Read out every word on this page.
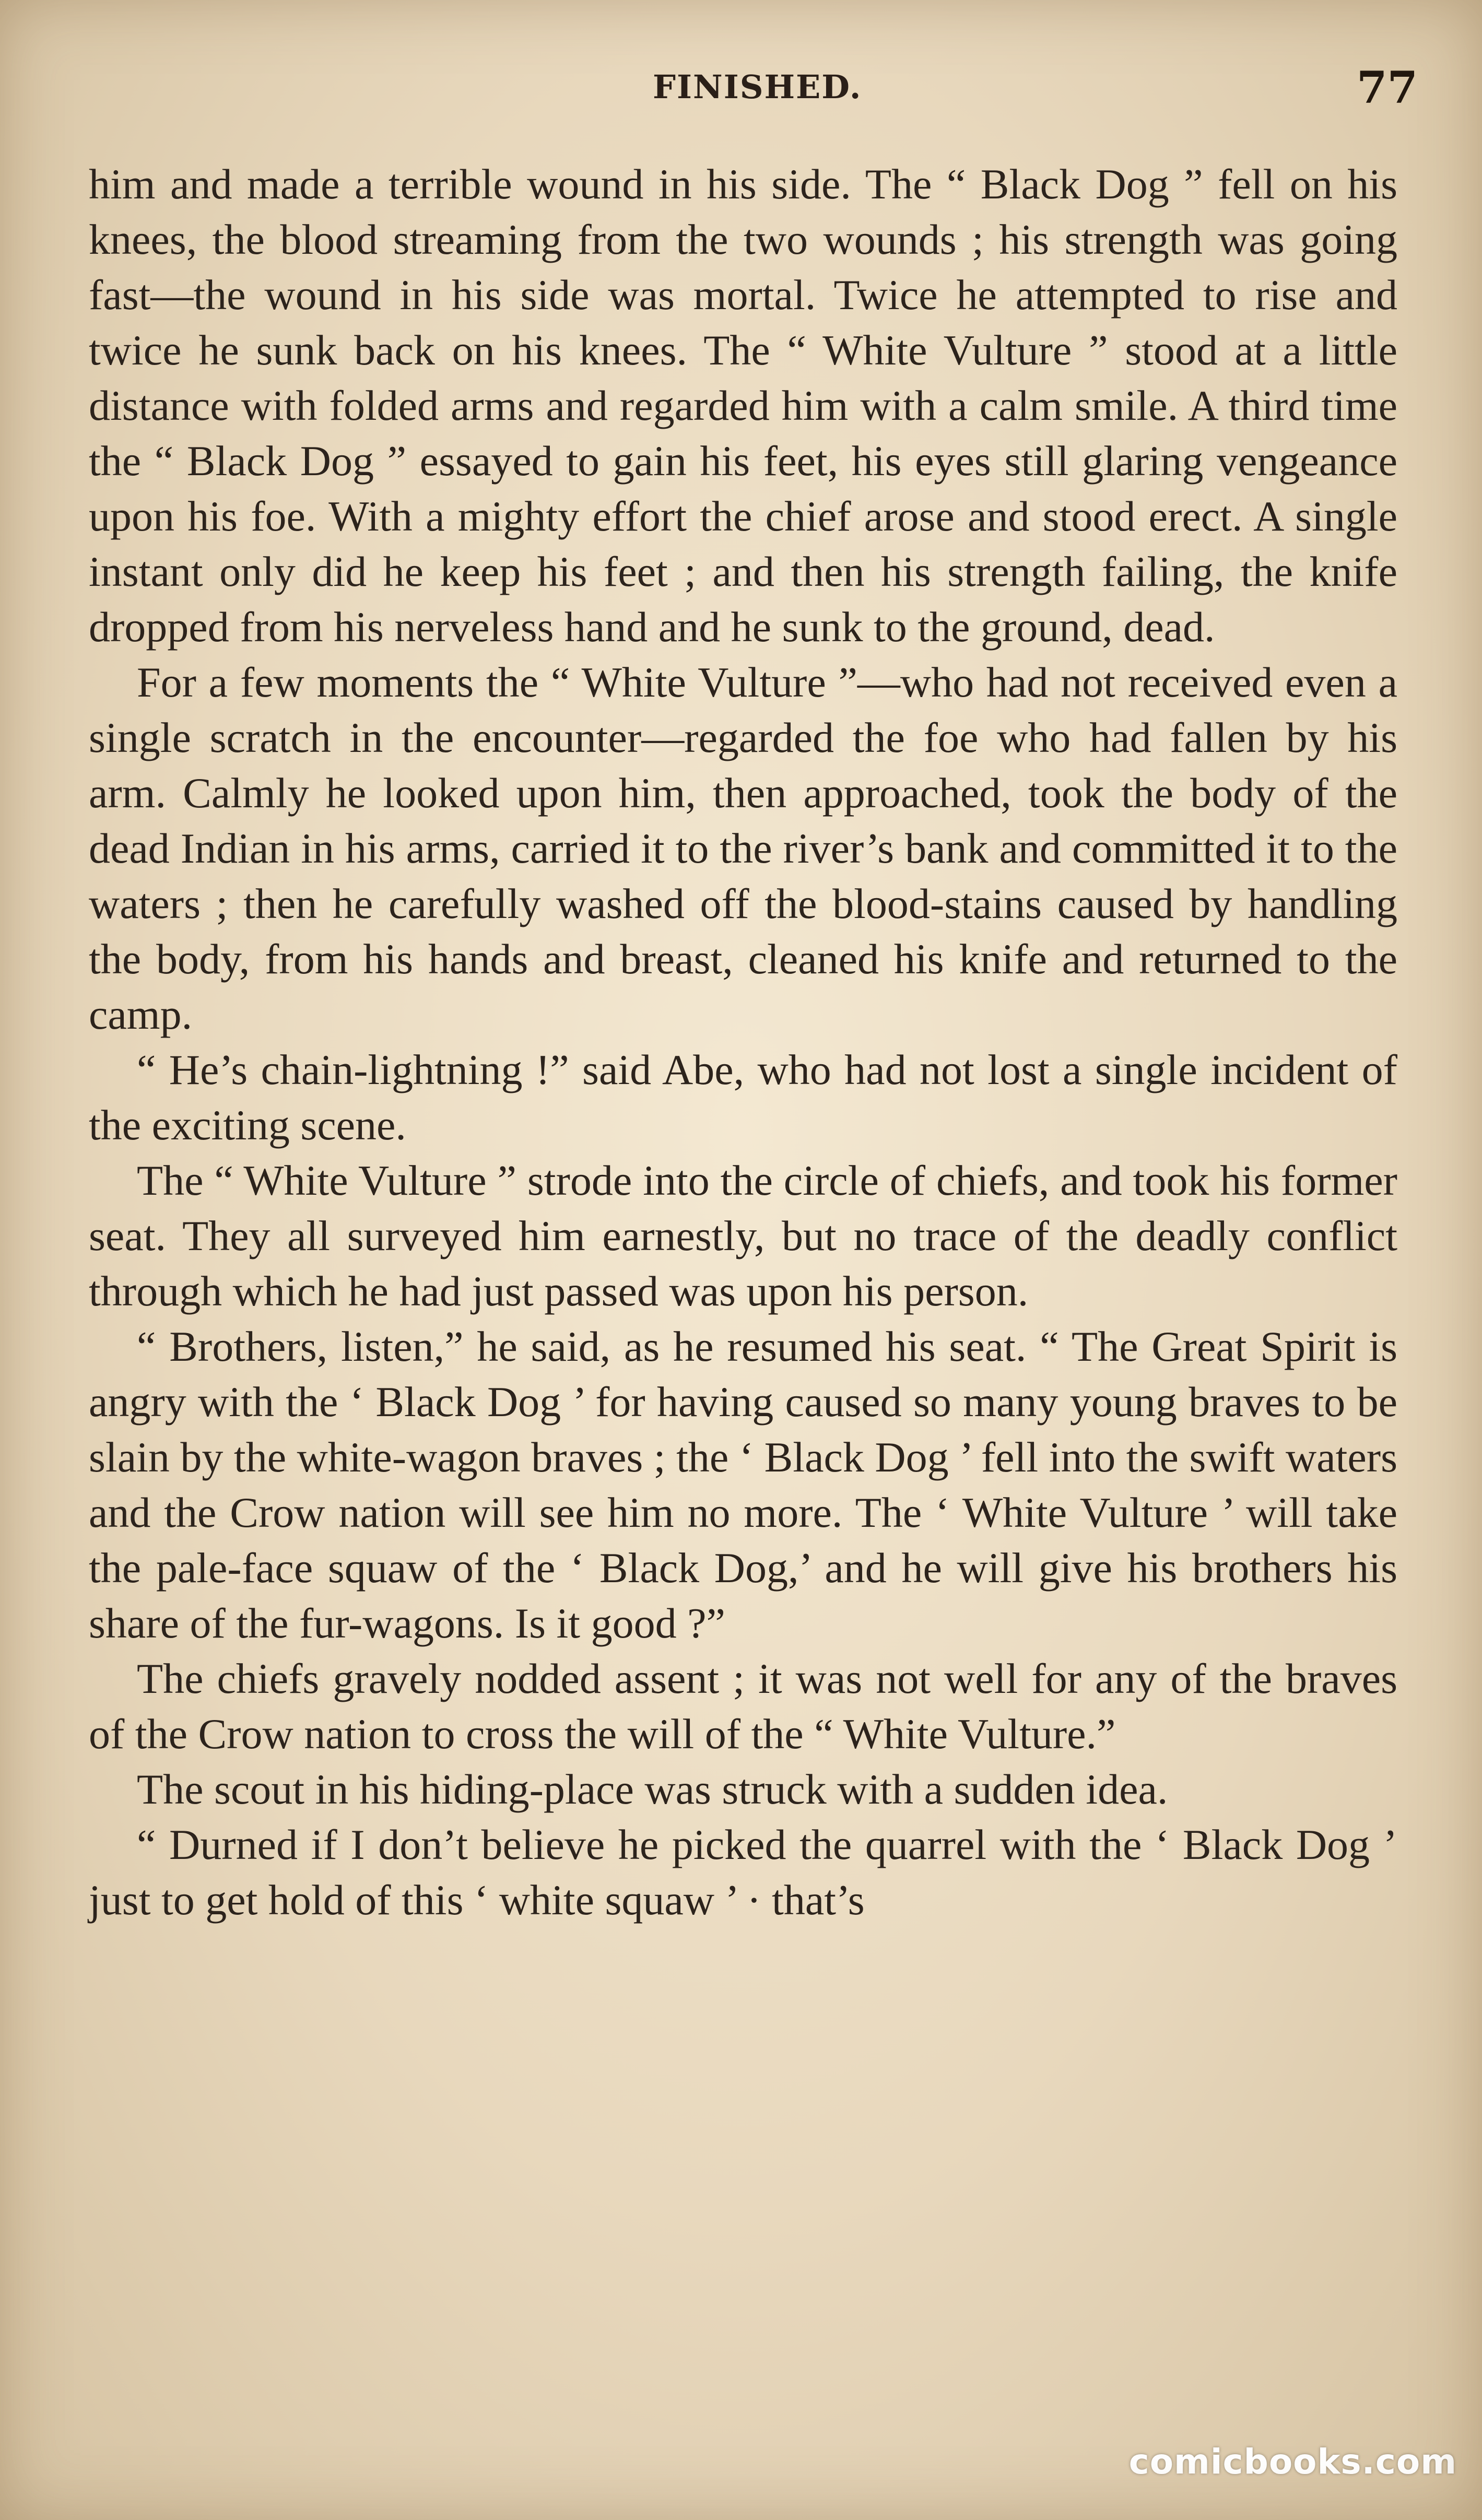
FINISHED.	77

him and made a terrible wound in his side. The “ Black Dog ” fell on his knees, the blood streaming from the two wounds ; his strength was going fast—the wound in his side was mortal. Twice he attempted to rise and twice he sunk back on his knees. The “ White Vulture ” stood at a little distance with folded arms and regarded him with a calm smile. A third time the “ Black Dog ” essayed to gain his feet, his eyes still glaring vengeance upon his foe. With a mighty effort the chief arose and stood erect. A single instant only did he keep his feet ; and then his strength failing, the knife dropped from his nerveless hand and he sunk to the ground, dead.

For a few moments the “ White Vulture ”—who had not received even a single scratch in the encounter—regarded the foe who had fallen by his arm. Calmly he looked upon him, then approached, took the body of the dead Indian in his arms, carried it to the river’s bank and committed it to the waters ; then he carefully washed off the blood-stains caused by handling the body, from his hands and breast, cleaned his knife and returned to the camp.

“ He’s chain-lightning !” said Abe, who had not lost a single incident of the exciting scene.

The “ White Vulture ” strode into the circle of chiefs, and took his former seat. They all surveyed him earnestly, but no trace of the deadly conflict through which he had just passed was upon his person.

“ Brothers, listen,” he said, as he resumed his seat. “ The Great Spirit is angry with the ‘ Black Dog ’ for having caused so many young braves to be slain by the white-wagon braves ; the ‘ Black Dog ’ fell into the swift waters and the Crow nation will see him no more. The ‘ White Vulture ’ will take the pale-face squaw of the ‘ Black Dog,’ and he will give his brothers his share of the fur-wagons. Is it good ?”

The chiefs gravely nodded assent ; it was not well for any of the braves of the Crow nation to cross the will of the “ White Vulture.”

The scout in his hiding-place was struck with a sudden idea.

“ Durned if I don’t believe he picked the quarrel with the ‘ Black Dog ’ just to get hold of this ‘ white squaw ’ · that’s

comicbooks.com
